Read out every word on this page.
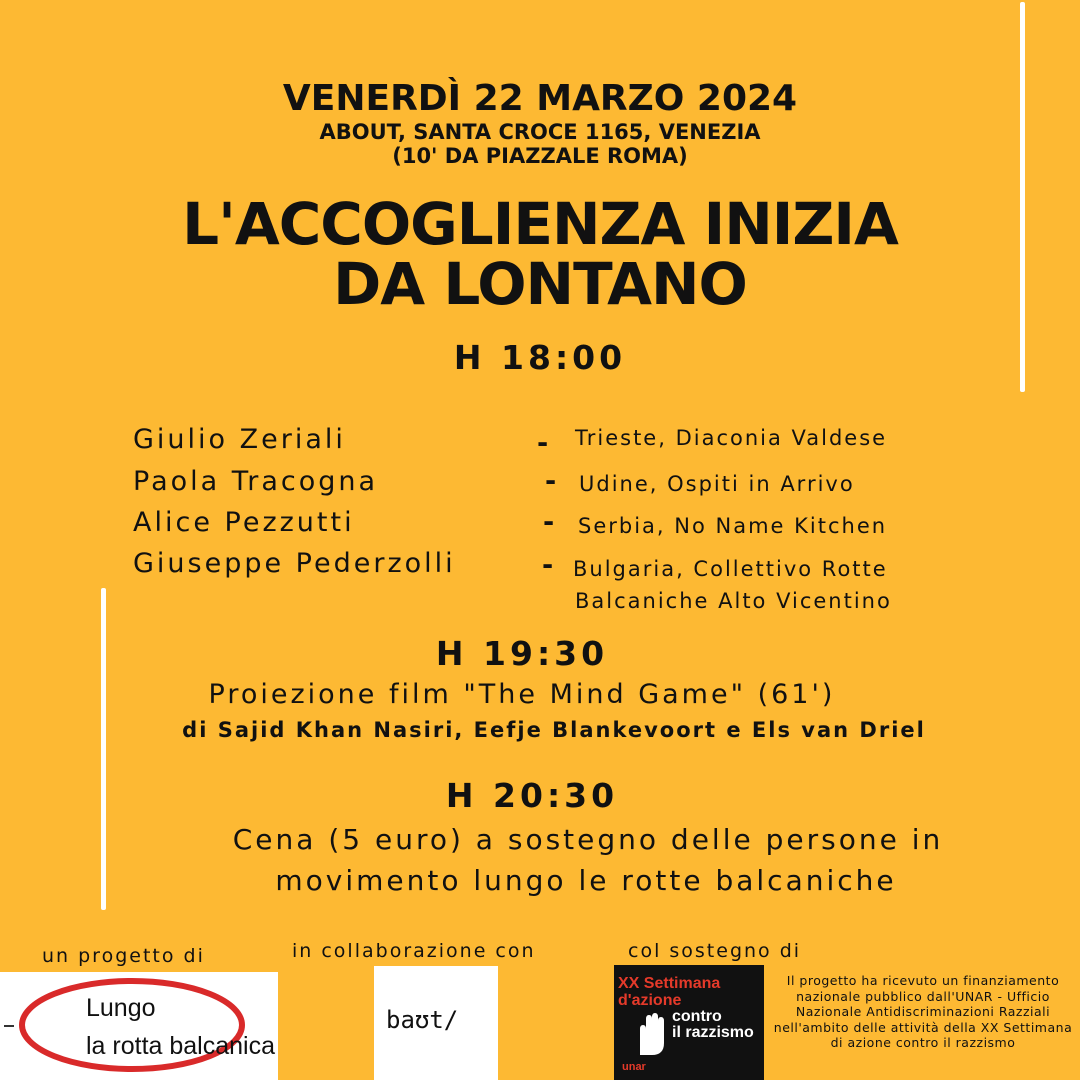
VENERDÌ 22 MARZO 2024
ABOUT, SANTA CROCE 1165, VENEZIA
(10' DA PIAZZALE ROMA)
L'ACCOGLIENZA INIZIA
DA LONTANO
H 18:00
Giulio Zeriali	- Trieste, Diaconia Valdese
Paola Tracogna	- Udine, Ospiti in Arrivo
Alice Pezzutti	- Serbia, No Name Kitchen
Giuseppe Pederzolli	- Bulgaria, Collettivo Rotte
Balcaniche Alto Vicentino
H 19:30
Proiezione film "The Mind Game" (61')
di Sajid Khan Nasiri, Eefje Blankevoort e Els van Driel
H 20:30
Cena (5 euro) a sostegno delle persone in
movimento lungo le rotte balcaniche
un progetto di	in collaborazione con	col sostegno di
Lungo
la rotta balcanica
bаʊt/
XX Settimana
d'azione
contro
il razzismo
unar
Il progetto ha ricevuto un finanziamento nazionale pubblico dall'UNAR - Ufficio Nazionale Antidiscriminazioni Razziali nell'ambito delle attività della XX Settimana di azione contro il razzismo
